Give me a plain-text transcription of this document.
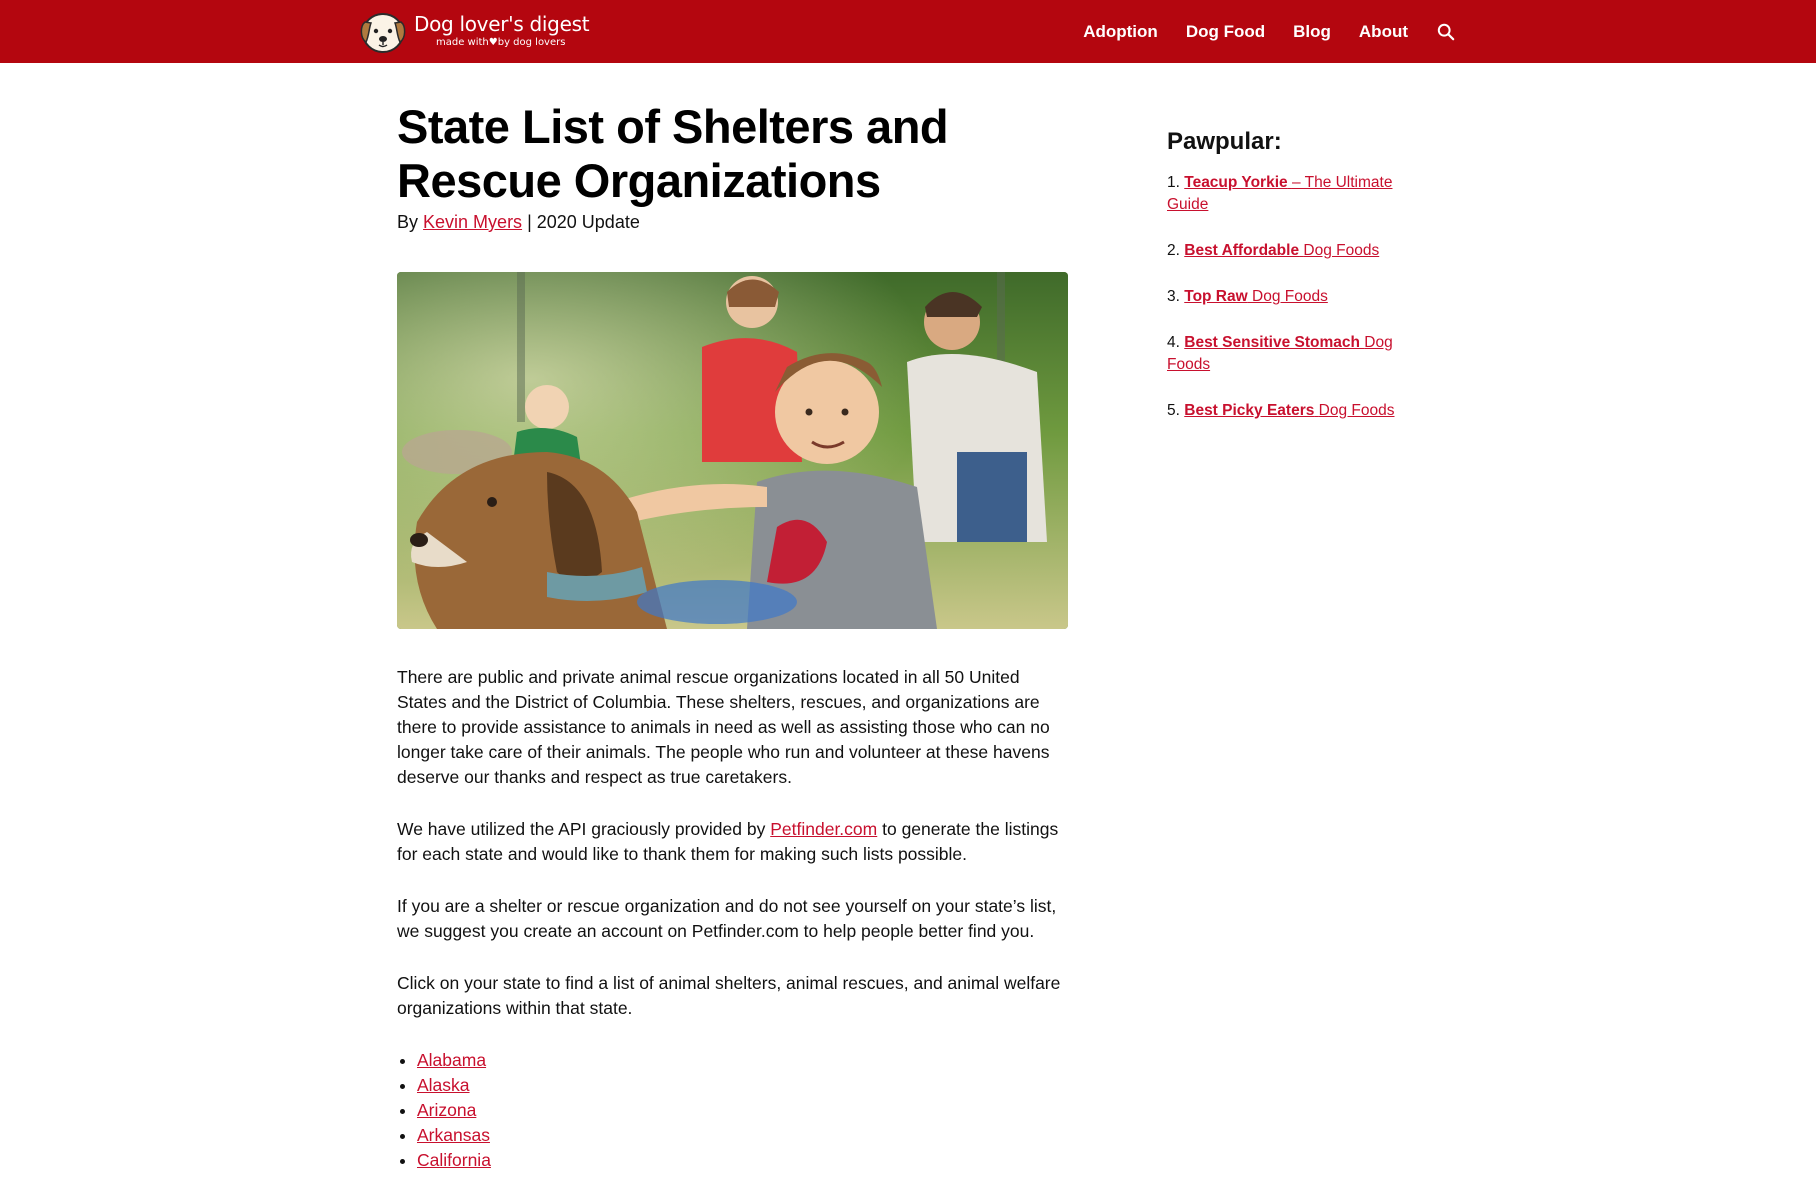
Dog lover's digest
made with♥by dog lovers
Adoption Dog Food Blog About
State List of Shelters and Rescue Organizations
By Kevin Myers | 2020 Update

There are public and private animal rescue organizations located in all 50 United States and the District of Columbia. These shelters, rescues, and organizations are there to provide assistance to animals in need as well as assisting those who can no longer take care of their animals. The people who run and volunteer at these havens deserve our thanks and respect as true caretakers.

We have utilized the API graciously provided by Petfinder.com to generate the listings for each state and would like to thank them for making such lists possible.

If you are a shelter or rescue organization and do not see yourself on your state’s list, we suggest you create an account on Petfinder.com to help people better find you.

Click on your state to find a list of animal shelters, animal rescues, and animal welfare organizations within that state.

• Alabama
• Alaska
• Arizona
• Arkansas
• California
Pawpular:
1. Teacup Yorkie – The Ultimate Guide
2. Best Affordable Dog Foods
3. Top Raw Dog Foods
4. Best Sensitive Stomach Dog Foods
5. Best Picky Eaters Dog Foods
